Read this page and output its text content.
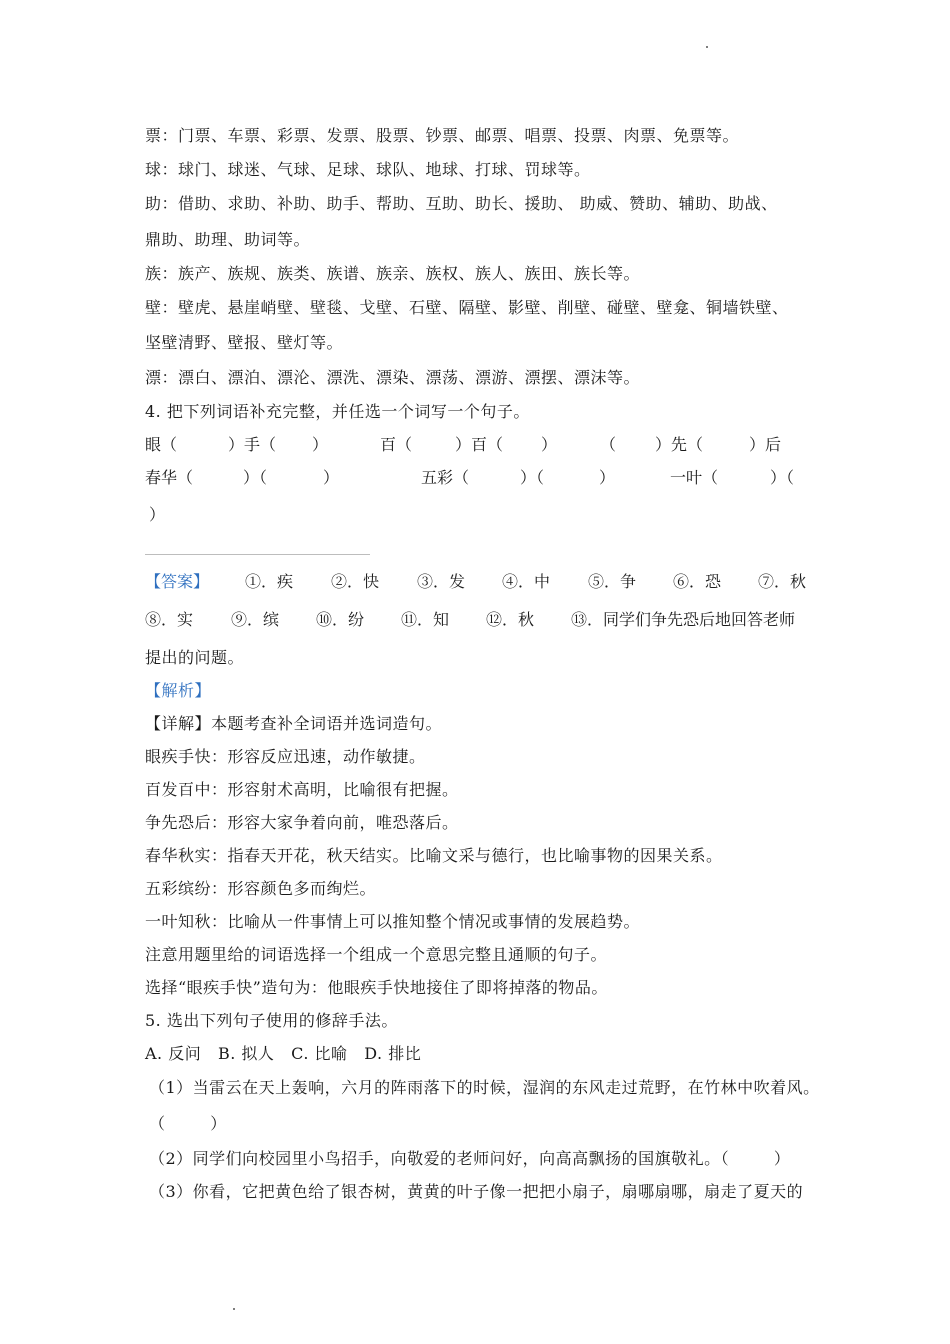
票：门票、车票、彩票、发票、股票、钞票、邮票、唱票、投票、肉票、免票等。
球：球门、球迷、气球、足球、球队、地球、打球、罚球等。
助：借助、求助、补助、助手、帮助、互助、助长、援助、 助威、赞助、辅助、助战、
鼎助、助理、助词等。
族：族产、族规、族类、族谱、族亲、族权、族人、族田、族长等。
壁：壁虎、悬崖峭壁、壁毯、戈壁、石壁、隔壁、影壁、削壁、碰壁、壁龛、铜墙铁壁、
坚壁清野、壁报、壁灯等。
漂：漂白、漂泊、漂沦、漂洗、漂染、漂荡、漂游、漂摆、漂沫等。
4. 把下列词语补充完整，并任选一个词写一个句子。
眼（	）手（ ）	百（	）百（ ）	（ ）先（	）后
春华（	）（	）	五彩（	）（	）	一叶（	）（
）
【答案】 ①．疾 ②．快 ③．发 ④．中 ⑤．争 ⑥．恐 ⑦．秋
⑧．实 ⑨．缤 ⑩．纷 ⑪．知 ⑫．秋 ⑬．同学们争先恐后地回答老师
提出的问题。
【解析】
【详解】本题考查补全词语并选词造句。
眼疾手快：形容反应迅速，动作敏捷。
百发百中：形容射术高明，比喻很有把握。
争先恐后：形容大家争着向前，唯恐落后。
春华秋实：指春天开花，秋天结实。比喻文采与德行，也比喻事物的因果关系。
五彩缤纷：形容颜色多而绚烂。
一叶知秋：比喻从一件事情上可以推知整个情况或事情的发展趋势。
注意用题里给的词语选择一个组成一个意思完整且通顺的句子。
选择“眼疾手快”造句为：他眼疾手快地接住了即将掉落的物品。
5. 选出下列句子使用的修辞手法。
A. 反问   B. 拟人   C. 比喻   D. 排比
（1）当雷云在天上轰响，六月的阵雨落下的时候，湿润的东风走过荒野，在竹林中吹着风。
（        ）
（2）同学们向校园里小鸟招手，向敬爱的老师问好，向高高飘扬的国旗敬礼。（        ）
（3）你看，它把黄色给了银杏树，黄黄的叶子像一把把小扇子，扇哪扇哪，扇走了夏天的
